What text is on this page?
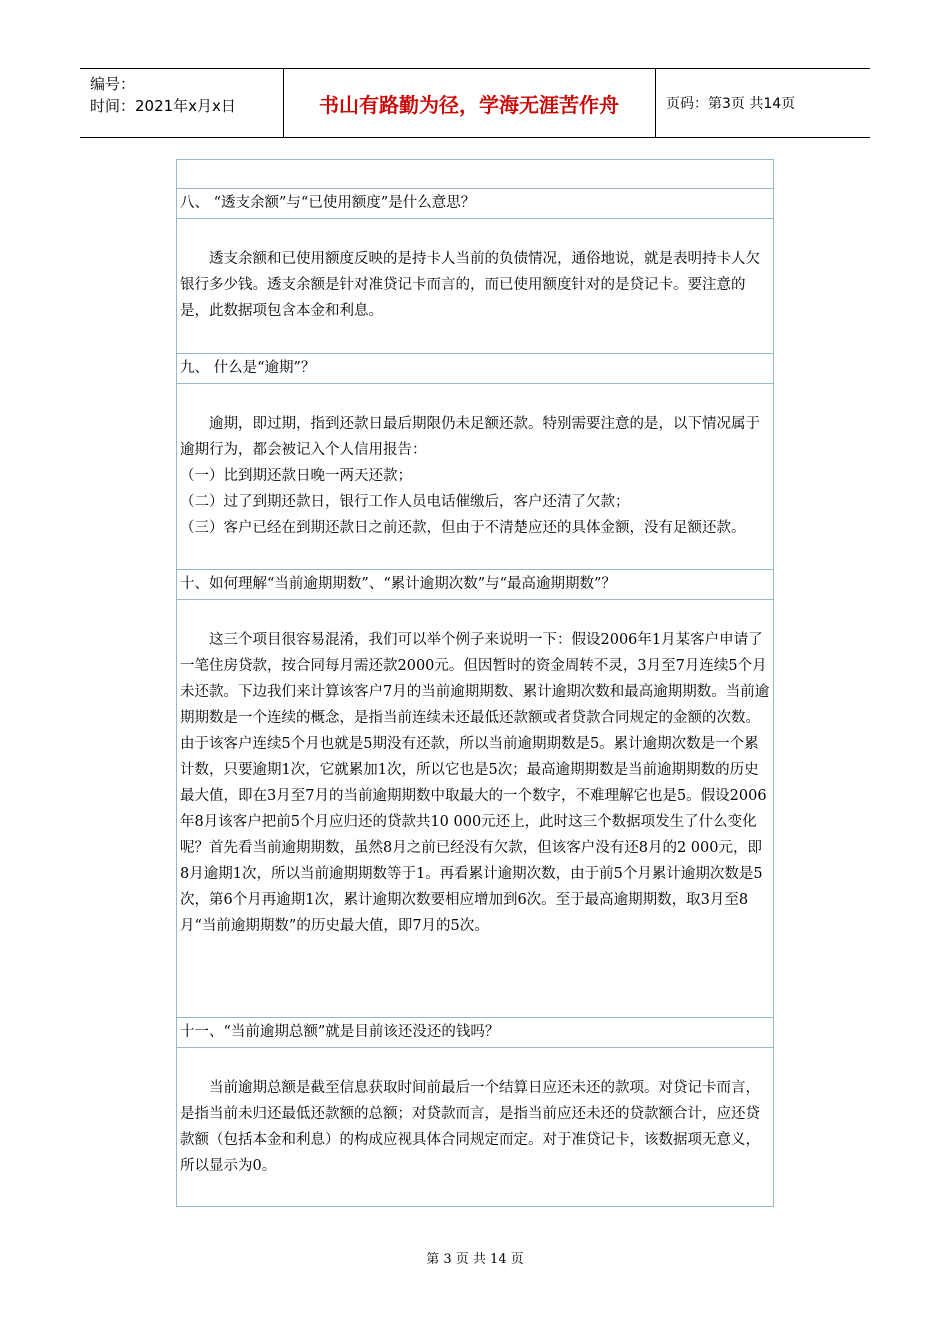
编号：
时间：2021年x月x日	书山有路勤为径，学海无涯苦作舟	页码：第3页 共14页
八、 “透支余额”与“已使用额度”是什么意思？

透支余额和已使用额度反映的是持卡人当前的负债情况，通俗地说，就是表明持卡人欠银行多少钱。透支余额是针对准贷记卡而言的，而已使用额度针对的是贷记卡。要注意的是，此数据项包含本金和利息。

九、 什么是“逾期”？

逾期，即过期，指到还款日最后期限仍未足额还款。特别需要注意的是，以下情况属于逾期行为，都会被记入个人信用报告：

（一）比到期还款日晚一两天还款；

（二）过了到期还款日，银行工作人员电话催缴后，客户还清了欠款；

（三）客户已经在到期还款日之前还款，但由于不清楚应还的具体金额，没有足额还款。

十、如何理解“当前逾期期数”、“累计逾期次数”与“最高逾期期数”？

这三个项目很容易混淆，我们可以举个例子来说明一下：假设2006年1月某客户申请了一笔住房贷款，按合同每月需还款2000元。但因暂时的资金周转不灵，3月至7月连续5个月未还款。下边我们来计算该客户7月的当前逾期期数、累计逾期次数和最高逾期期数。当前逾期期数是一个连续的概念，是指当前连续未还最低还款额或者贷款合同规定的金额的次数。由于该客户连续5个月也就是5期没有还款，所以当前逾期期数是5。累计逾期次数是一个累计数，只要逾期1次，它就累加1次，所以它也是5次；最高逾期期数是当前逾期期数的历史最大值，即在3月至7月的当前逾期期数中取最大的一个数字，不难理解它也是5。假设2006年8月该客户把前5个月应归还的贷款共10 000元还上，此时这三个数据项发生了什么变化呢？首先看当前逾期期数，虽然8月之前已经没有欠款，但该客户没有还8月的2 000元，即8月逾期1次，所以当前逾期期数等于1。再看累计逾期次数，由于前5个月累计逾期次数是5次，第6个月再逾期1次，累计逾期次数要相应增加到6次。至于最高逾期期数，取3月至8月“当前逾期期数”的历史最大值，即7月的5次。

十一、“当前逾期总额”就是目前该还没还的钱吗？

当前逾期总额是截至信息获取时间前最后一个结算日应还未还的款项。对贷记卡而言，是指当前未归还最低还款额的总额；对贷款而言，是指当前应还未还的贷款额合计，应还贷款额（包括本金和利息）的构成应视具体合同规定而定。对于准贷记卡，该数据项无意义，所以显示为0。

第 3 页 共 14 页
